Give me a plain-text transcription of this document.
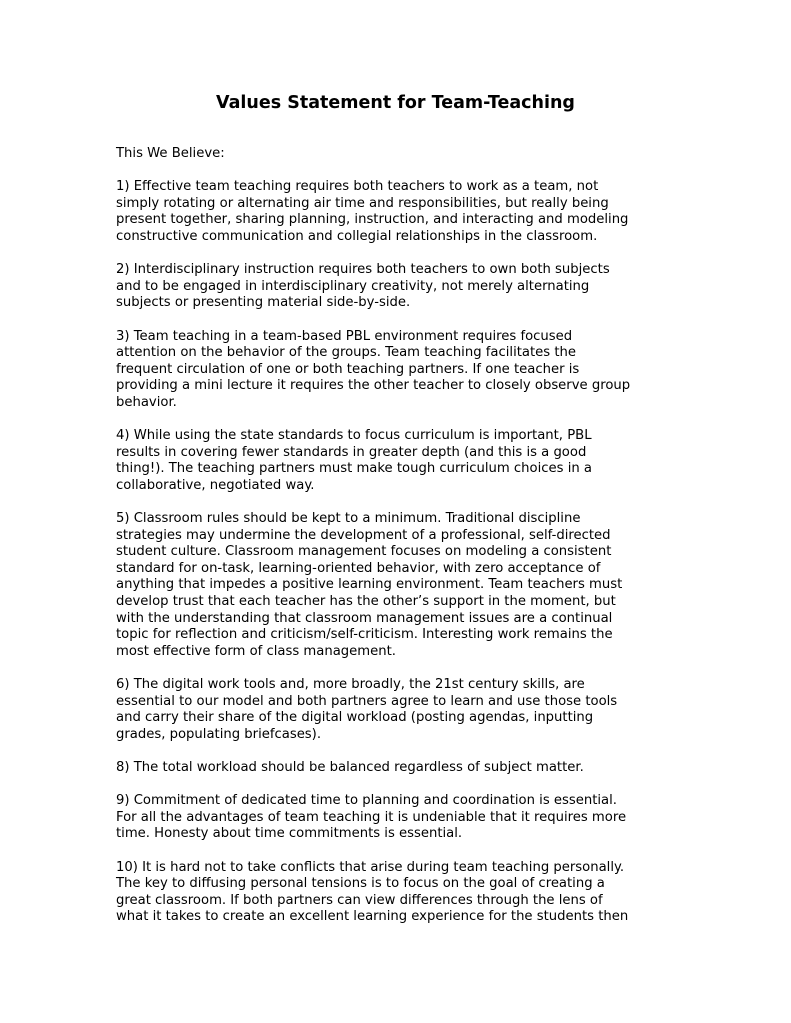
Values Statement for Team-Teaching

This We Believe:

1) Effective team teaching requires both teachers to work as a team, not
simply rotating or alternating air time and responsibilities, but really being
present together, sharing planning, instruction, and interacting and modeling
constructive communication and collegial relationships in the classroom.

2) Interdisciplinary instruction requires both teachers to own both subjects
and to be engaged in interdisciplinary creativity, not merely alternating
subjects or presenting material side-by-side.

3) Team teaching in a team-based PBL environment requires focused
attention on the behavior of the groups. Team teaching facilitates the
frequent circulation of one or both teaching partners. If one teacher is
providing a mini lecture it requires the other teacher to closely observe group
behavior.

4) While using the state standards to focus curriculum is important, PBL
results in covering fewer standards in greater depth (and this is a good
thing!). The teaching partners must make tough curriculum choices in a
collaborative, negotiated way.

5) Classroom rules should be kept to a minimum. Traditional discipline
strategies may undermine the development of a professional, self-directed
student culture. Classroom management focuses on modeling a consistent
standard for on-task, learning-oriented behavior, with zero acceptance of
anything that impedes a positive learning environment. Team teachers must
develop trust that each teacher has the other’s support in the moment, but
with the understanding that classroom management issues are a continual
topic for reflection and criticism/self-criticism. Interesting work remains the
most effective form of class management.

6) The digital work tools and, more broadly, the 21st century skills, are
essential to our model and both partners agree to learn and use those tools
and carry their share of the digital workload (posting agendas, inputting
grades, populating briefcases).

8) The total workload should be balanced regardless of subject matter.

9) Commitment of dedicated time to planning and coordination is essential.
For all the advantages of team teaching it is undeniable that it requires more
time. Honesty about time commitments is essential.

10) It is hard not to take conflicts that arise during team teaching personally.
The key to diffusing personal tensions is to focus on the goal of creating a
great classroom. If both partners can view differences through the lens of
what it takes to create an excellent learning experience for the students then
